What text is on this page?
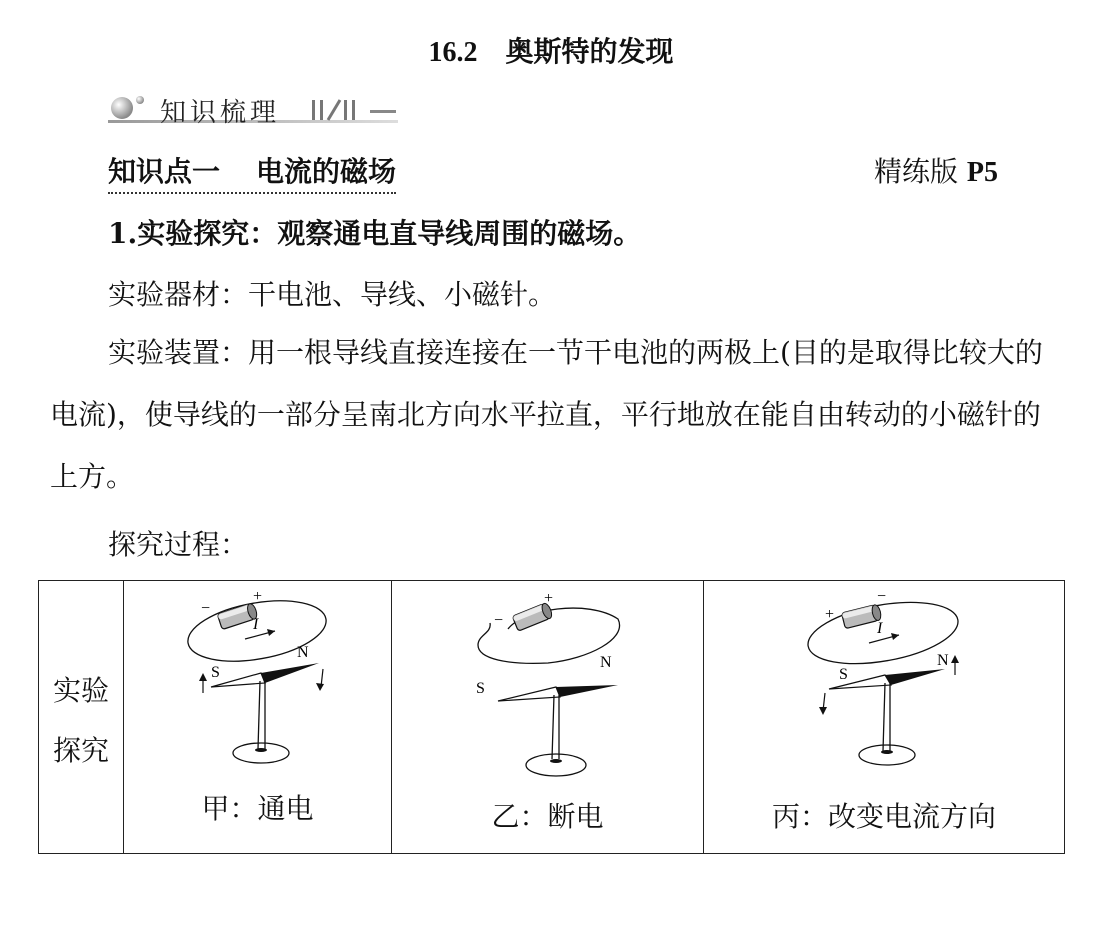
16.2 奥斯特的发现
知识梳理
知识点一 电流的磁场	精练版 P5
1.实验探究：观察通电直导线周围的磁场。
实验器材：干电池、导线、小磁针。
实验装置：用一根导线直接连接在一节干电池的两极上(目的是取得比较大的电流)，使导线的一部分呈南北方向水平拉直，平行地放在能自由转动的小磁针的上方。
探究过程：
实验
探究

−
+
I
N
S
甲：通电

−
+
N
S
乙：断电

+
−
I
N
S
丙：改变电流方向
